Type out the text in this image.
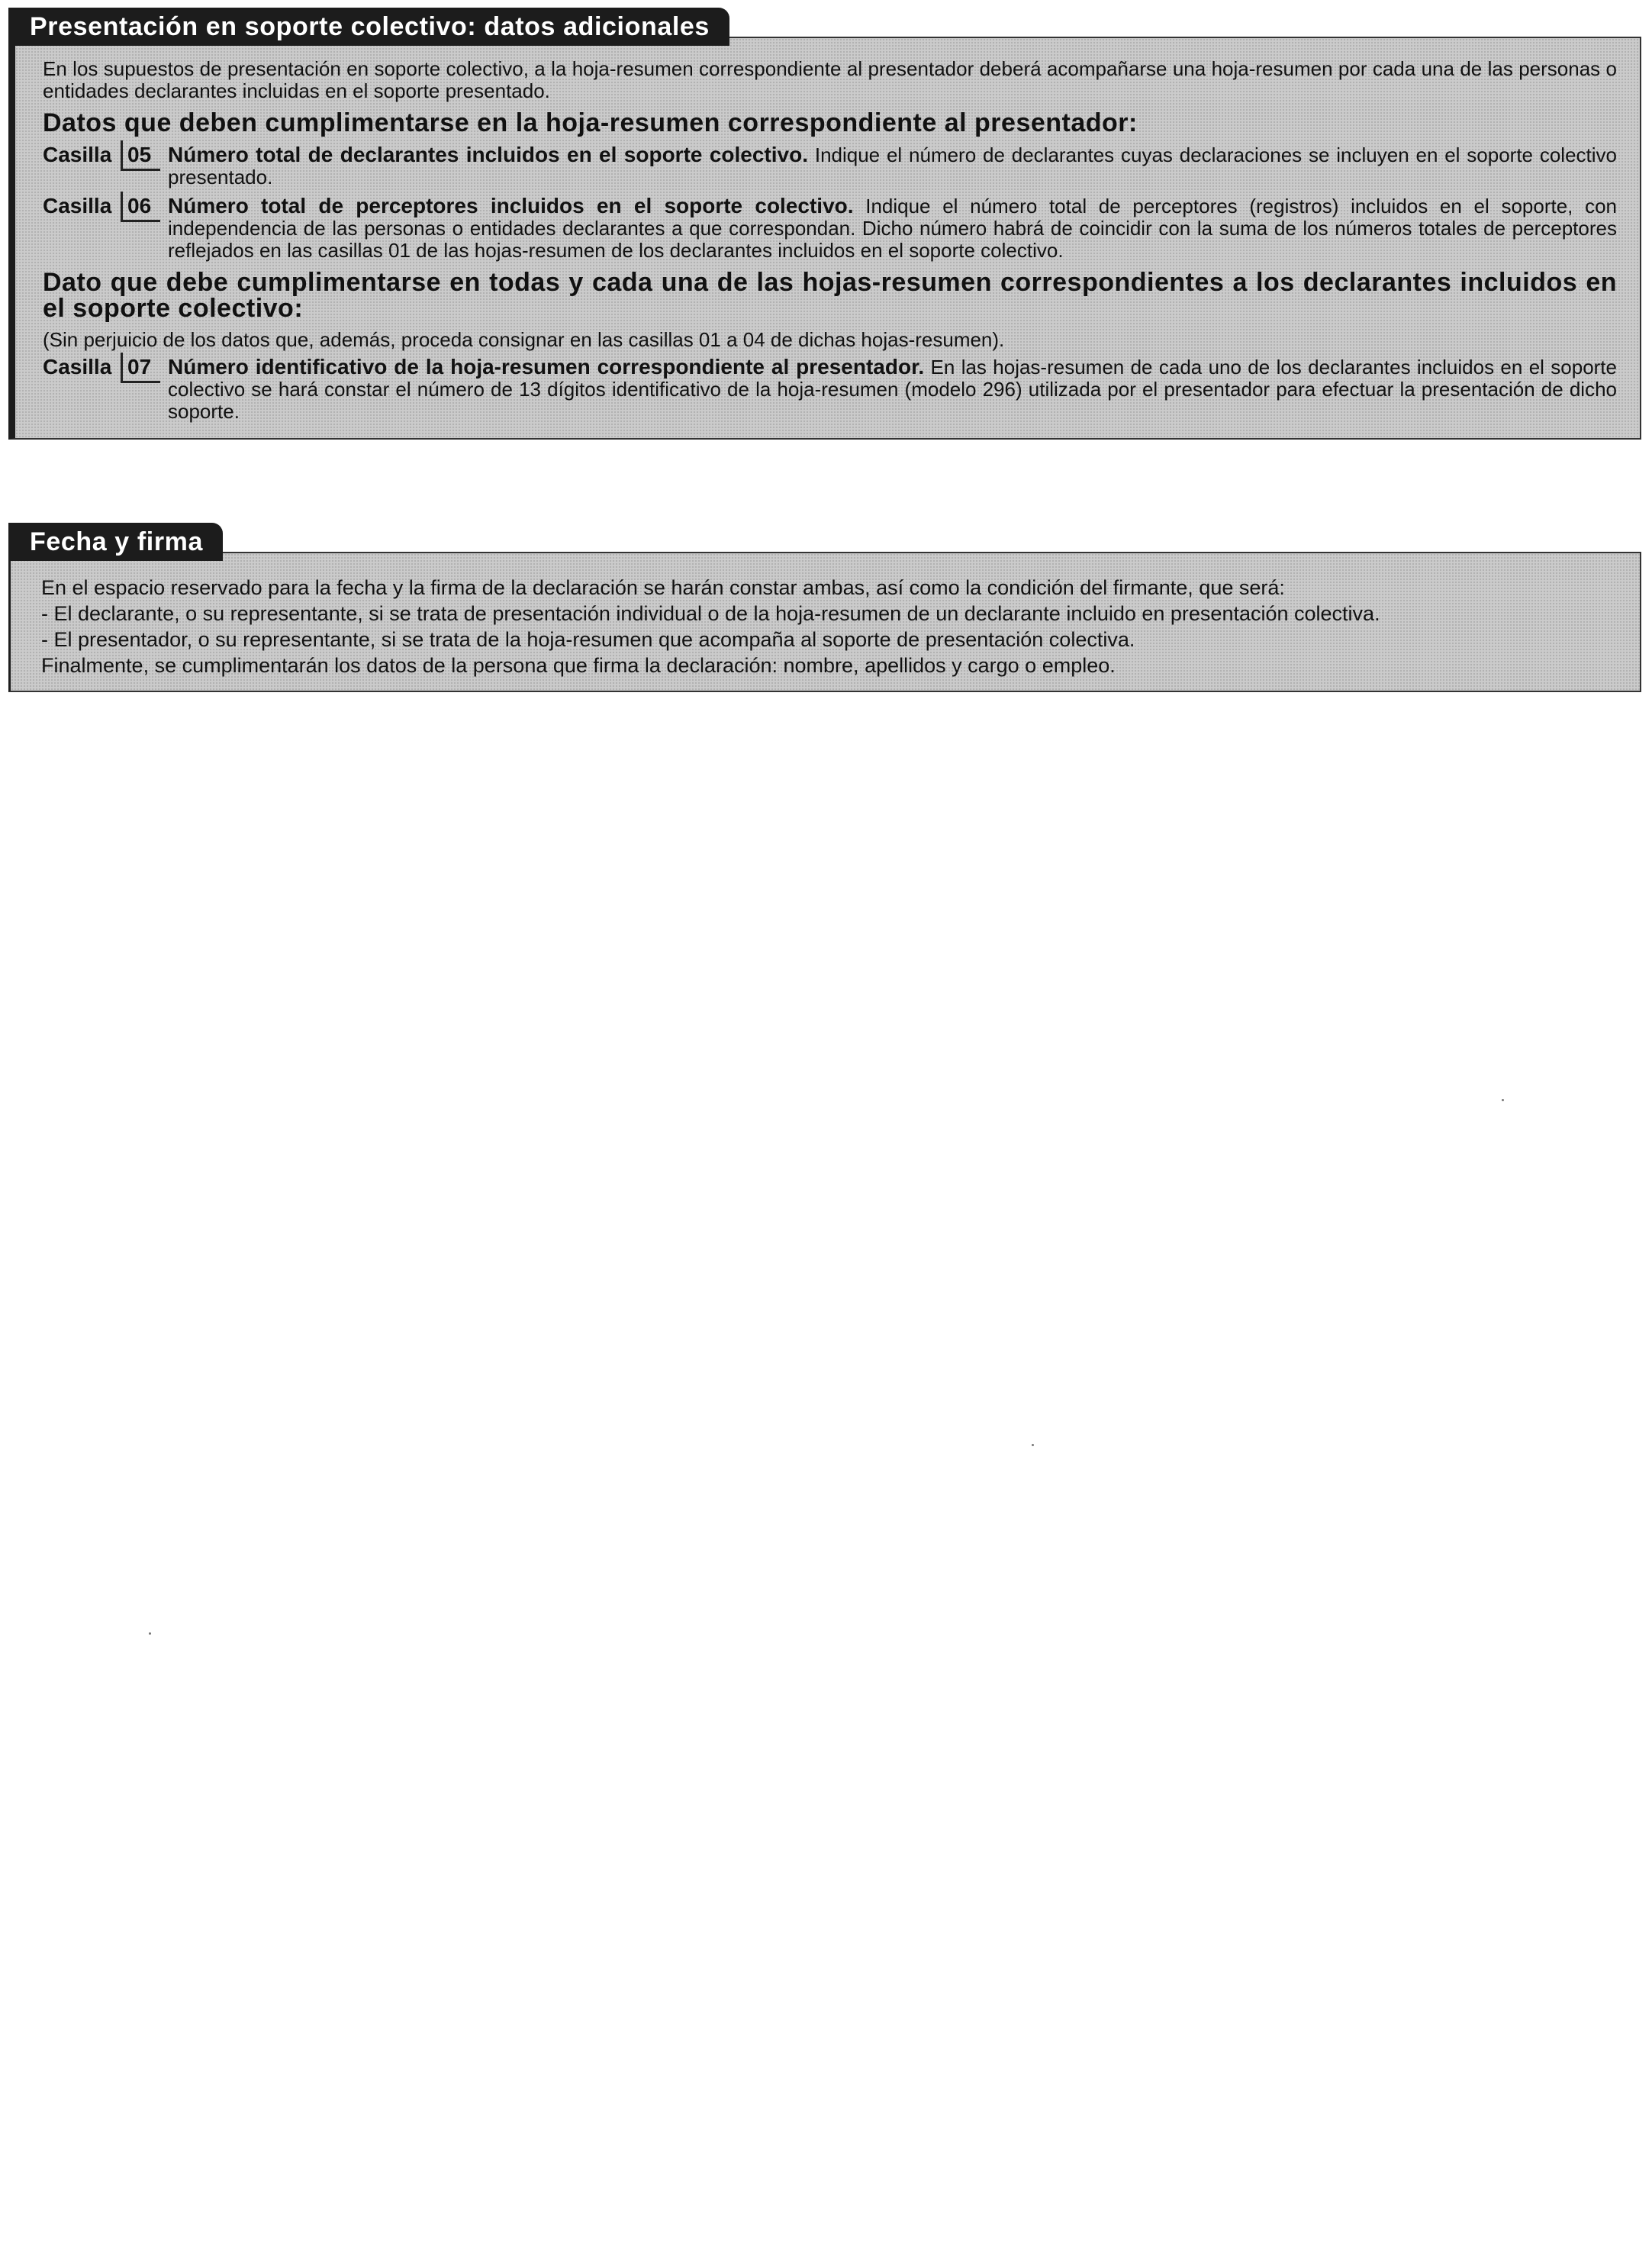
Presentación en soporte colectivo: datos adicionales

En los supuestos de presentación en soporte colectivo, a la hoja-resumen correspondiente al presentador deberá acompañarse una hoja-resumen por cada una de las personas o entidades declarantes incluidas en el soporte presentado.

Datos que deben cumplimentarse en la hoja-resumen correspondiente al presentador:
Casilla 05 Número total de declarantes incluidos en el soporte colectivo. Indique el número de declarantes cuyas declaraciones se incluyen en el soporte colectivo presentado.
Casilla 06 Número total de perceptores incluidos en el soporte colectivo. Indique el número total de perceptores (registros) incluidos en el soporte, con independencia de las personas o entidades declarantes a que correspondan. Dicho número habrá de coincidir con la suma de los números totales de perceptores reflejados en las casillas 01 de las hojas-resumen de los declarantes incluidos en el soporte colectivo.
Dato que debe cumplimentarse en todas y cada una de las hojas-resumen correspondientes a los declarantes incluidos en el soporte colectivo:

(Sin perjuicio de los datos que, además, proceda consignar en las casillas 01 a 04 de dichas hojas-resumen).

Casilla 07 Número identificativo de la hoja-resumen correspondiente al presentador. En las hojas-resumen de cada uno de los declarantes incluidos en el soporte colectivo se hará constar el número de 13 dígitos identificativo de la hoja-resumen (modelo 296) utilizada por el presentador para efectuar la presentación de dicho soporte.
Fecha y firma

En el espacio reservado para la fecha y la firma de la declaración se harán constar ambas, así como la condición del firmante, que será:

- El declarante, o su representante, si se trata de presentación individual o de la hoja-resumen de un declarante incluido en presentación colectiva.

- El presentador, o su representante, si se trata de la hoja-resumen que acompaña al soporte de presentación colectiva.

Finalmente, se cumplimentarán los datos de la persona que firma la declaración: nombre, apellidos y cargo o empleo.
